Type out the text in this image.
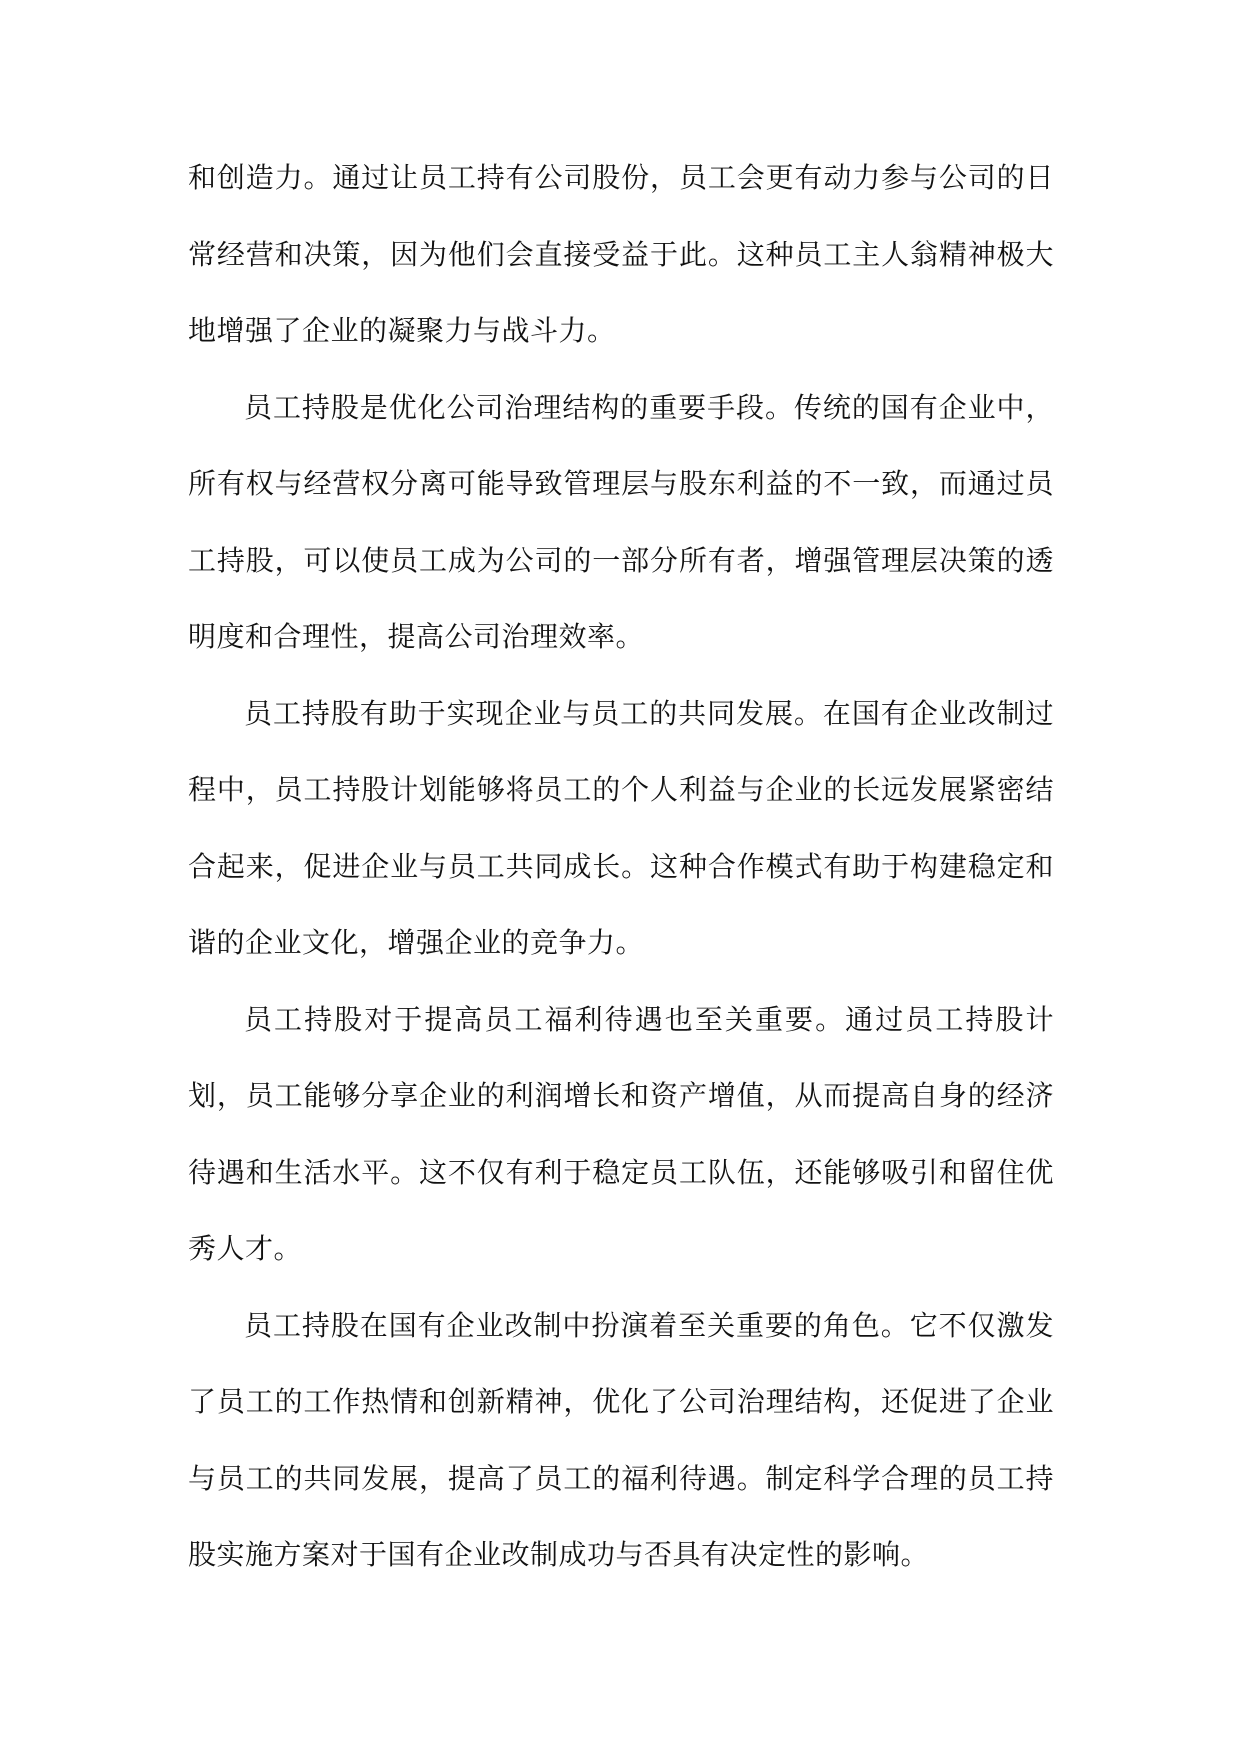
和创造力。通过让员工持有公司股份，员工会更有动力参与公司的日常经营和决策，因为他们会直接受益于此。这种员工主人翁精神极大地增强了企业的凝聚力与战斗力。

员工持股是优化公司治理结构的重要手段。传统的国有企业中，所有权与经营权分离可能导致管理层与股东利益的不一致，而通过员工持股，可以使员工成为公司的一部分所有者，增强管理层决策的透明度和合理性，提高公司治理效率。

员工持股有助于实现企业与员工的共同发展。在国有企业改制过程中，员工持股计划能够将员工的个人利益与企业的长远发展紧密结合起来，促进企业与员工共同成长。这种合作模式有助于构建稳定和谐的企业文化，增强企业的竞争力。

员工持股对于提高员工福利待遇也至关重要。通过员工持股计划，员工能够分享企业的利润增长和资产增值，从而提高自身的经济待遇和生活水平。这不仅有利于稳定员工队伍，还能够吸引和留住优秀人才。

员工持股在国有企业改制中扮演着至关重要的角色。它不仅激发了员工的工作热情和创新精神，优化了公司治理结构，还促进了企业与员工的共同发展，提高了员工的福利待遇。制定科学合理的员工持股实施方案对于国有企业改制成功与否具有决定性的影响。
